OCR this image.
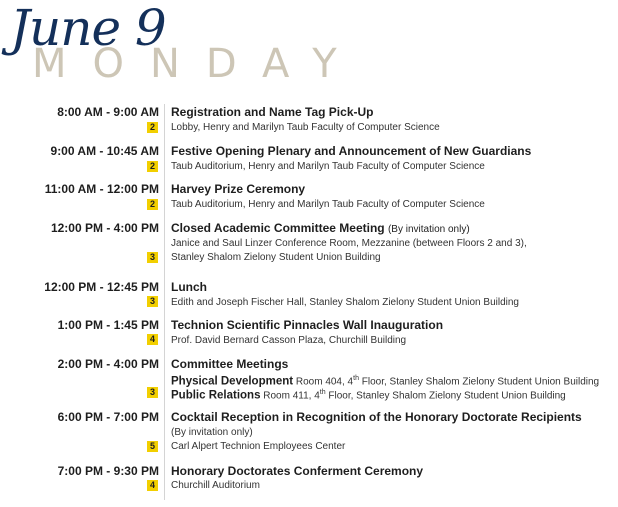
MONDAY
June 9
8:00 AM - 9:00 AM Registration and Name Tag Pick-Up
2	Lobby, Henry and Marilyn Taub Faculty of Computer Science
9:00 AM - 10:45 AM Festive Opening Plenary and Announcement of New Guardians
2	Taub Auditorium, Henry and Marilyn Taub Faculty of Computer Science
11:00 AM - 12:00 PM Harvey Prize Ceremony
2	Taub Auditorium, Henry and Marilyn Taub Faculty of Computer Science
12:00 PM - 4:00 PM Closed Academic Committee Meeting (By invitation only)
Janice and Saul Linzer Conference Room, Mezzanine (between Floors 2 and 3),
3	Stanley Shalom Zielony Student Union Building
12:00 PM - 12:45 PM Lunch
3	Edith and Joseph Fischer Hall, Stanley Shalom Zielony Student Union Building
1:00 PM - 1:45 PM Technion Scientific Pinnacles Wall Inauguration
4	Prof. David Bernard Casson Plaza, Churchill Building
2:00 PM - 4:00 PM Committee Meetings
Physical Development Room 404, 4th Floor, Stanley Shalom Zielony Student Union Building
3 Public Relations Room 411, 4th Floor, Stanley Shalom Zielony Student Union Building
6:00 PM - 7:00 PM Cocktail Reception in Recognition of the Honorary Doctorate Recipients
(By invitation only)
5	Carl Alpert Technion Employees Center
7:00 PM - 9:30 PM Honorary Doctorates Conferment Ceremony
4	Churchill Auditorium
